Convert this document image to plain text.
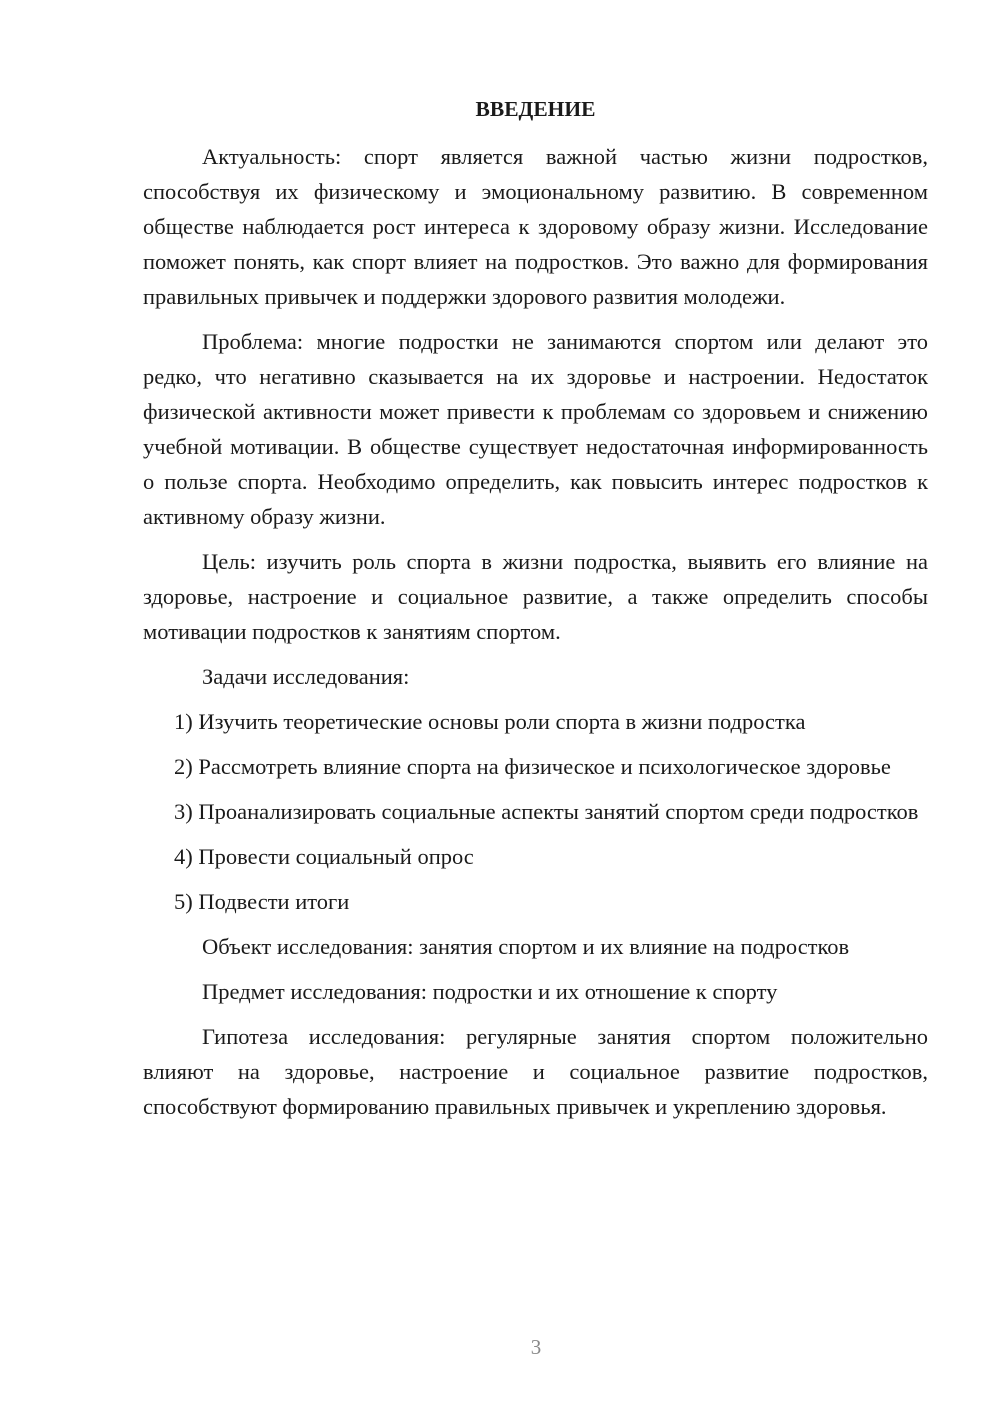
ВВЕДЕНИЕ

Актуальность: спорт является важной частью жизни подростков, способствуя их физическому и эмоциональному развитию. В современном обществе наблюдается рост интереса к здоровому образу жизни. Исследование поможет понять, как спорт влияет на подростков. Это важно для формирования правильных привычек и поддержки здорового развития молодежи.

Проблема: многие подростки не занимаются спортом или делают это редко, что негативно сказывается на их здоровье и настроении. Недостаток физической активности может привести к проблемам со здоровьем и снижению учебной мотивации. В обществе существует недостаточная информированность о пользе спорта. Необходимо определить, как повысить интерес подростков к активному образу жизни.

Цель: изучить роль спорта в жизни подростка, выявить его влияние на здоровье, настроение и социальное развитие, а также определить способы мотивации подростков к занятиям спортом.

Задачи исследования:

1) Изучить теоретические основы роли спорта в жизни подростка

2) Рассмотреть влияние спорта на физическое и психологическое здоровье

3) Проанализировать социальные аспекты занятий спортом среди подростков

4) Провести социальный опрос

5) Подвести итоги

Объект исследования: занятия спортом и их влияние на подростков

Предмет исследования: подростки и их отношение к спорту

Гипотеза исследования: регулярные занятия спортом положительно влияют на здоровье, настроение и социальное развитие подростков, способствуют формированию правильных привычек и укреплению здоровья.

3
